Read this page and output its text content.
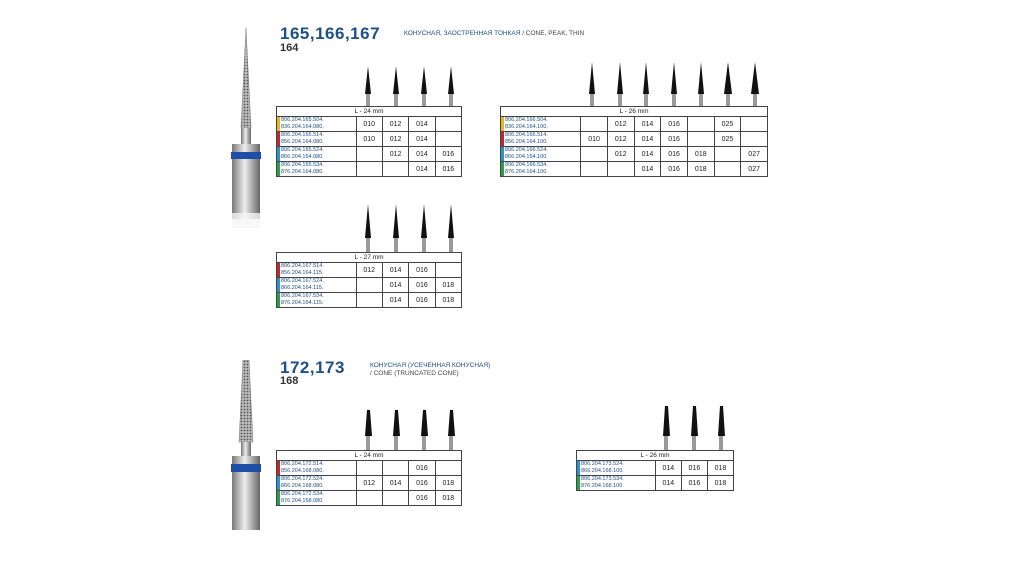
165,166,167
164
КОНУСНАЯ, ЗАОСТРЕННАЯ ТОНКАЯ / CONE, PEAK, THIN
L - 24 mm				

806.204.165.504.
836.204.164.080.	010	012	014	

806.204.165.514.
856.204.164.080.	010	012	014	

806.204.165.524.
866.204.164.080.		012	014	016

806.204.165.534.
876.204.164.080.			014	016
L - 26 mm							

806.204.166.504.
836.204.164.100.		012	014	016		025	

806.204.166.514.
856.204.164.100.	010	012	014	016		025	

806.204.166.524.
866.204.164.100.		012	014	016	018		027

806.204.166.534.
876.204.164.100.			014	016	018		027
L - 27 mm				

806.204.167.514.
856.204.164.115.	012	014	016	

806.204.167.524.
866.204.164.115.		014	016	018

806.204.167.534.
876.204.164.115.		014	016	018
172,173
168
КОНУСНАЯ (УСЕЧЕННАЯ КОНУСНАЯ)
/ CONE (TRUNCATED CONE)
L - 24 mm				

806.204.172.514.
856.204.168.080.			016	

806.204.172.524.
866.204.168.080.	012	014	016	018

806.204.172.534.
876.204.168.080.			016	018
L - 26 mm			

806.204.173.524.
866.204.168.100.	014	016	018

806.204.173.534.
876.204.168.100.	014	016	018
